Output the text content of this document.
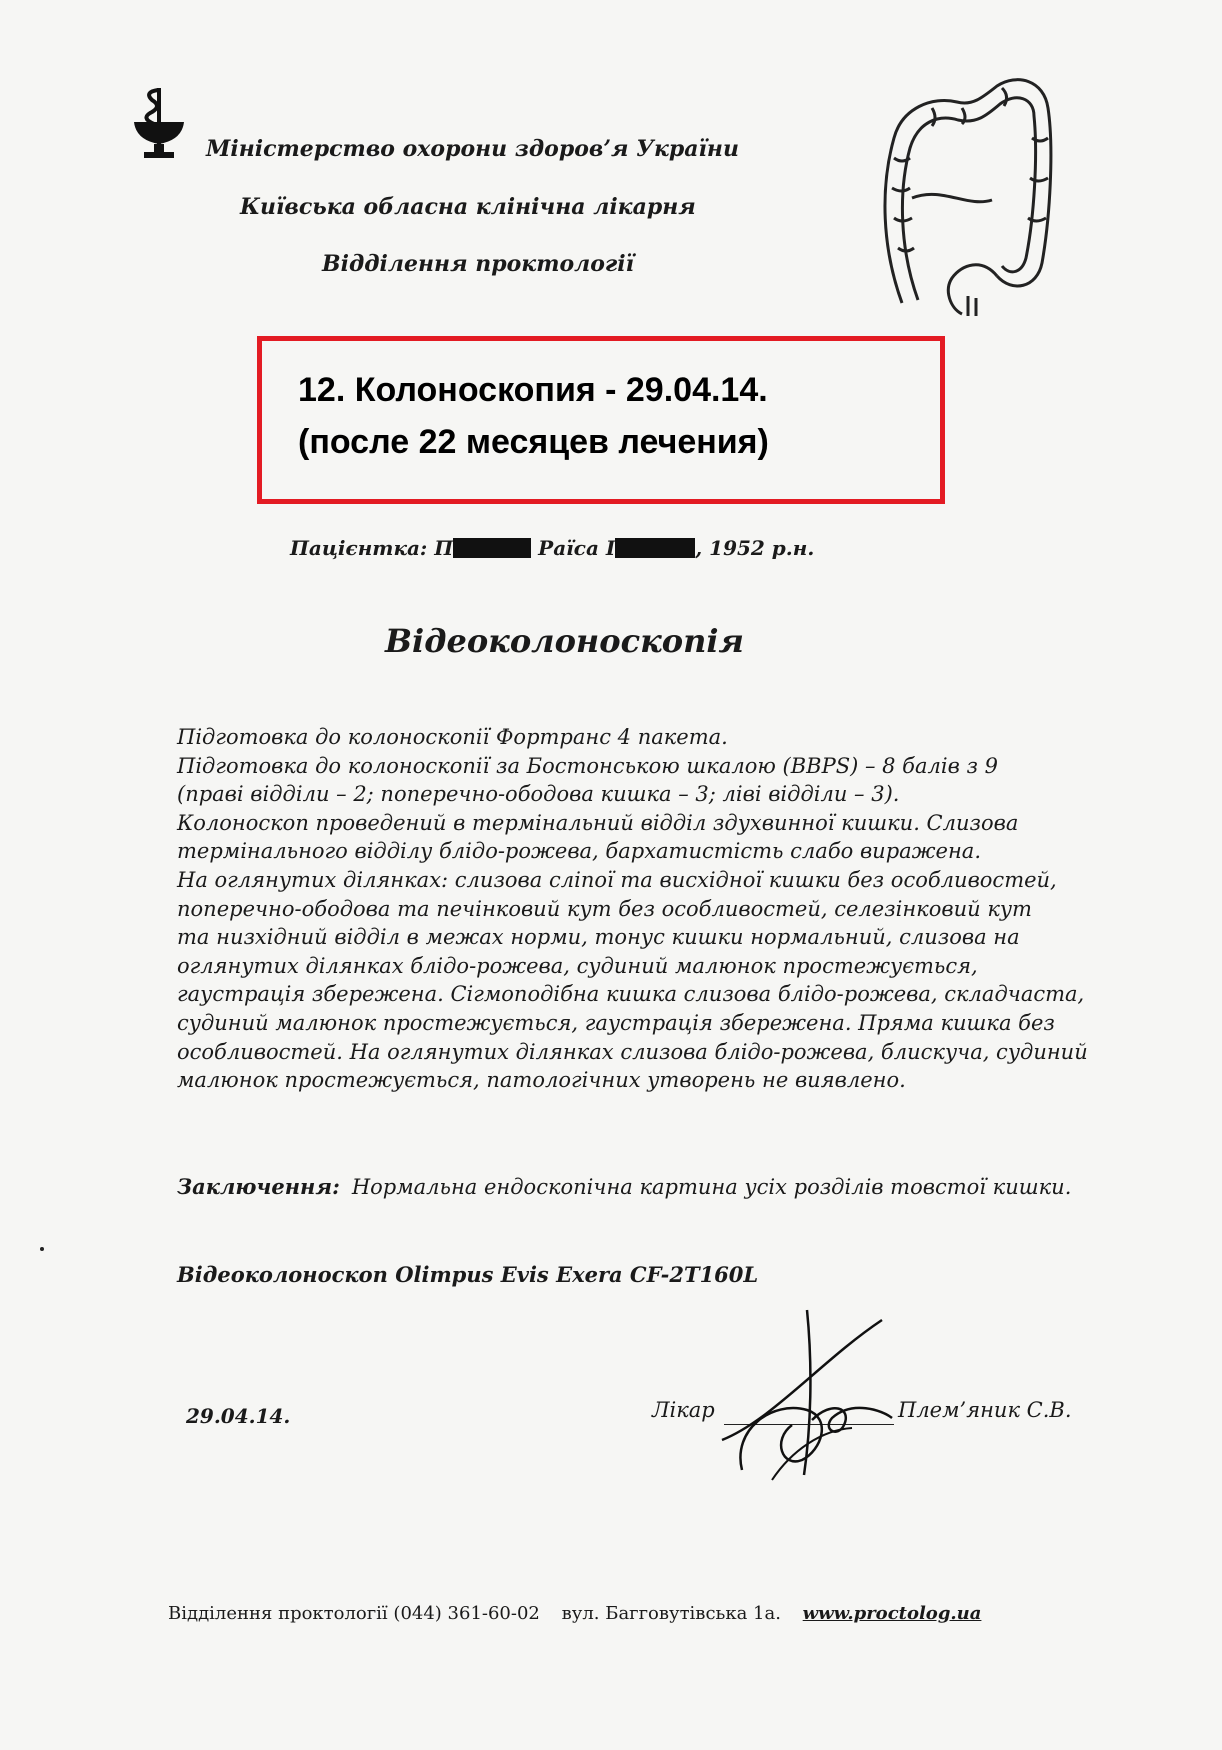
Міністерство охорони здоров’я України
Київська обласна клінічна лікарня
Відділення проктології
12. Колоноскопия - 29.04.14.
(после 22 месяцев лечения)
Пацієнтка: П	Раїса І	, 1952 р.н.
Відеоколоноскопія
Підготовка до колоноскопії Фортранс 4 пакета.
Підготовка до колоноскопії за Бостонською шкалою (BBPS) – 8 балів з 9
(праві відділи – 2; поперечно-ободова кишка – 3; ліві відділи – 3).
Колоноскоп проведений в термінальний відділ здухвинної кишки. Слизова
термінального відділу блідо-рожева, бархатистість слабо виражена.
На оглянутих ділянках: слизова сліпої та висхідної кишки без особливостей,
поперечно-ободова та печінковий кут без особливостей, селезінковий кут
та низхідний відділ в межах норми, тонус кишки нормальний, слизова на
оглянутих ділянках блідо-рожева, судиний малюнок простежується,
гаустрація збережена. Сігмоподібна кишка слизова блідо-рожева, складчаста,
судиний малюнок простежується, гаустрація збережена. Пряма кишка без
особливостей. На оглянутих ділянках слизова блідо-рожева, блискуча, судиний
малюнок простежується, патологічних утворень не виявлено.
Заключення: Нормальна ендоскопічна картина усіх розділів товстої кишки.
Відеоколоноскоп Olimpus Evis Exera CF-2T160L
29.04.14.	Лікар	Плем’яник С.В.
Відділення проктології (044) 361-60-02 вул. Багговутівська 1а. www.proctolog.ua
